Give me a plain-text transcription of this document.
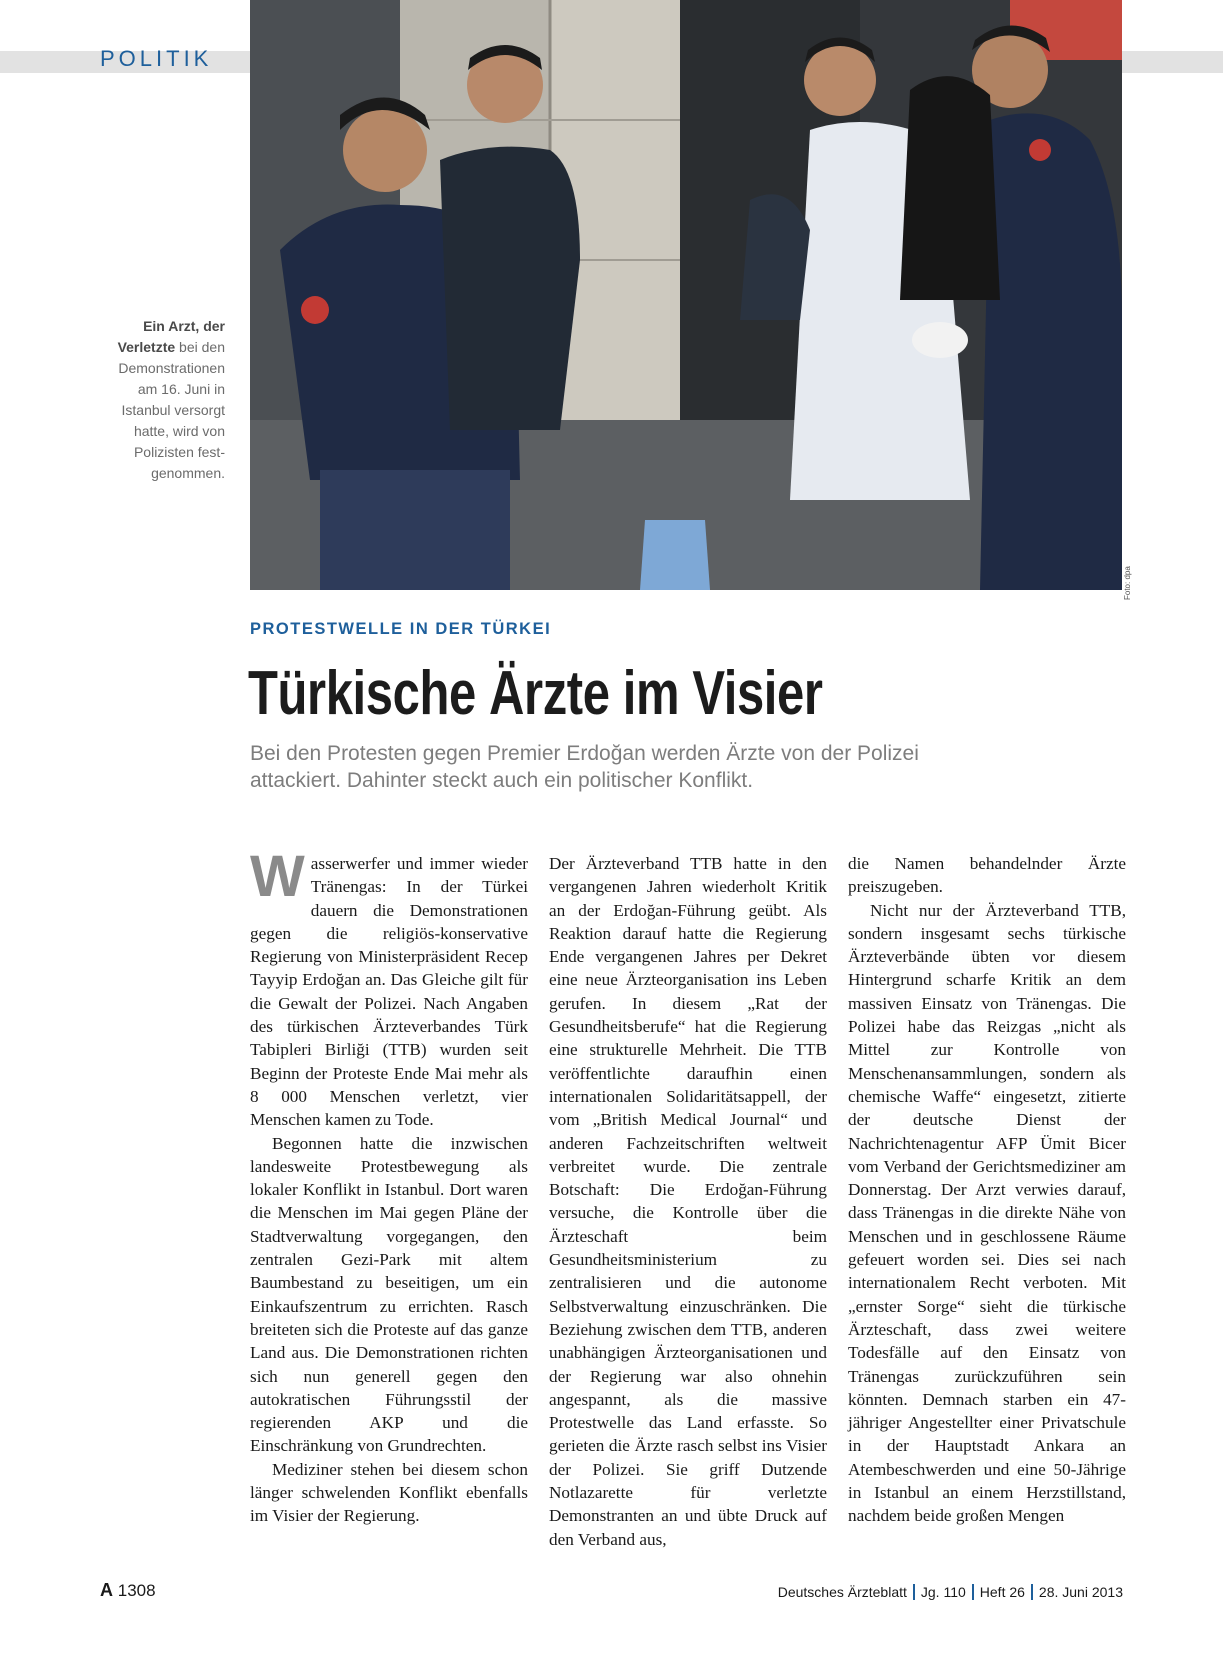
POLITIK
Foto: dpa
Ein Arzt, der Verletzte bei den Demonstrationen am 16. Juni in Istanbul versorgt hatte, wird von Polizisten fest-genommen.
PROTESTWELLE IN DER TÜRKEI
Türkische Ärzte im Visier
Bei den Protesten gegen Premier Erdoğan werden Ärzte von der Polizei attackiert. Dahinter steckt auch ein politischer Konflikt.

Wasserwerfer und immer wieder Tränengas: In der Türkei dauern die Demonstrationen gegen die religiös-konservative Regierung von Ministerpräsident Recep Tayyip Erdoğan an. Das Gleiche gilt für die Gewalt der Polizei. Nach Angaben des türkischen Ärzteverbandes Türk Tabipleri Birliği (TTB) wurden seit Beginn der Proteste Ende Mai mehr als 8 000 Menschen verletzt, vier Menschen kamen zu Tode.

Begonnen hatte die inzwischen landesweite Protestbewegung als lokaler Konflikt in Istanbul. Dort waren die Menschen im Mai gegen Pläne der Stadtverwaltung vorgegangen, den zentralen Gezi-Park mit altem Baumbestand zu beseitigen, um ein Einkaufszentrum zu errichten. Rasch breiteten sich die Proteste auf das ganze Land aus. Die Demonstrationen richten sich nun generell gegen den autokratischen Führungsstil der regierenden AKP und die Einschränkung von Grundrechten.

Mediziner stehen bei diesem schon länger schwelenden Konflikt ebenfalls im Visier der Regierung.

Der Ärzteverband TTB hatte in den vergangenen Jahren wiederholt Kritik an der Erdoğan-Führung geübt. Als Reaktion darauf hatte die Regierung Ende vergangenen Jahres per Dekret eine neue Ärzteorganisation ins Leben gerufen. In diesem „Rat der Gesundheitsberufe“ hat die Regierung eine strukturelle Mehrheit. Die TTB veröffentlichte daraufhin einen internationalen Solidaritätsappell, der vom „British Medical Journal“ und anderen Fachzeitschriften weltweit verbreitet wurde. Die zentrale Botschaft: Die Erdoğan-Führung versuche, die Kontrolle über die Ärzteschaft beim Gesundheitsministerium zu zentralisieren und die autonome Selbstverwaltung einzuschränken. Die Beziehung zwischen dem TTB, anderen unabhängigen Ärzteorganisationen und der Regierung war also ohnehin angespannt, als die massive Protestwelle das Land erfasste. So gerieten die Ärzte rasch selbst ins Visier der Polizei. Sie griff Dutzende Notlazarette für verletzte Demonstranten an und übte Druck auf den Verband aus,

die Namen behandelnder Ärzte preiszugeben.

Nicht nur der Ärzteverband TTB, sondern insgesamt sechs türkische Ärzteverbände übten vor diesem Hintergrund scharfe Kritik an dem massiven Einsatz von Tränengas. Die Polizei habe das Reizgas „nicht als Mittel zur Kontrolle von Menschenansammlungen, sondern als chemische Waffe“ eingesetzt, zitierte der deutsche Dienst der Nachrichtenagentur AFP Ümit Bicer vom Verband der Gerichtsmediziner am Donnerstag. Der Arzt verwies darauf, dass Tränengas in die direkte Nähe von Menschen und in geschlossene Räume gefeuert worden sei. Dies sei nach internationalem Recht verboten. Mit „ernster Sorge“ sieht die türkische Ärzteschaft, dass zwei weitere Todesfälle auf den Einsatz von Tränengas zurückzuführen sein könnten. Demnach starben ein 47-jähriger Angestellter einer Privatschule in der Hauptstadt Ankara an Atembeschwerden und eine 50-Jährige in Istanbul an einem Herzstillstand, nachdem beide großen Mengen

A 1308	Deutsches Ärzteblatt Jg. 110 Heft 26 28. Juni 2013
